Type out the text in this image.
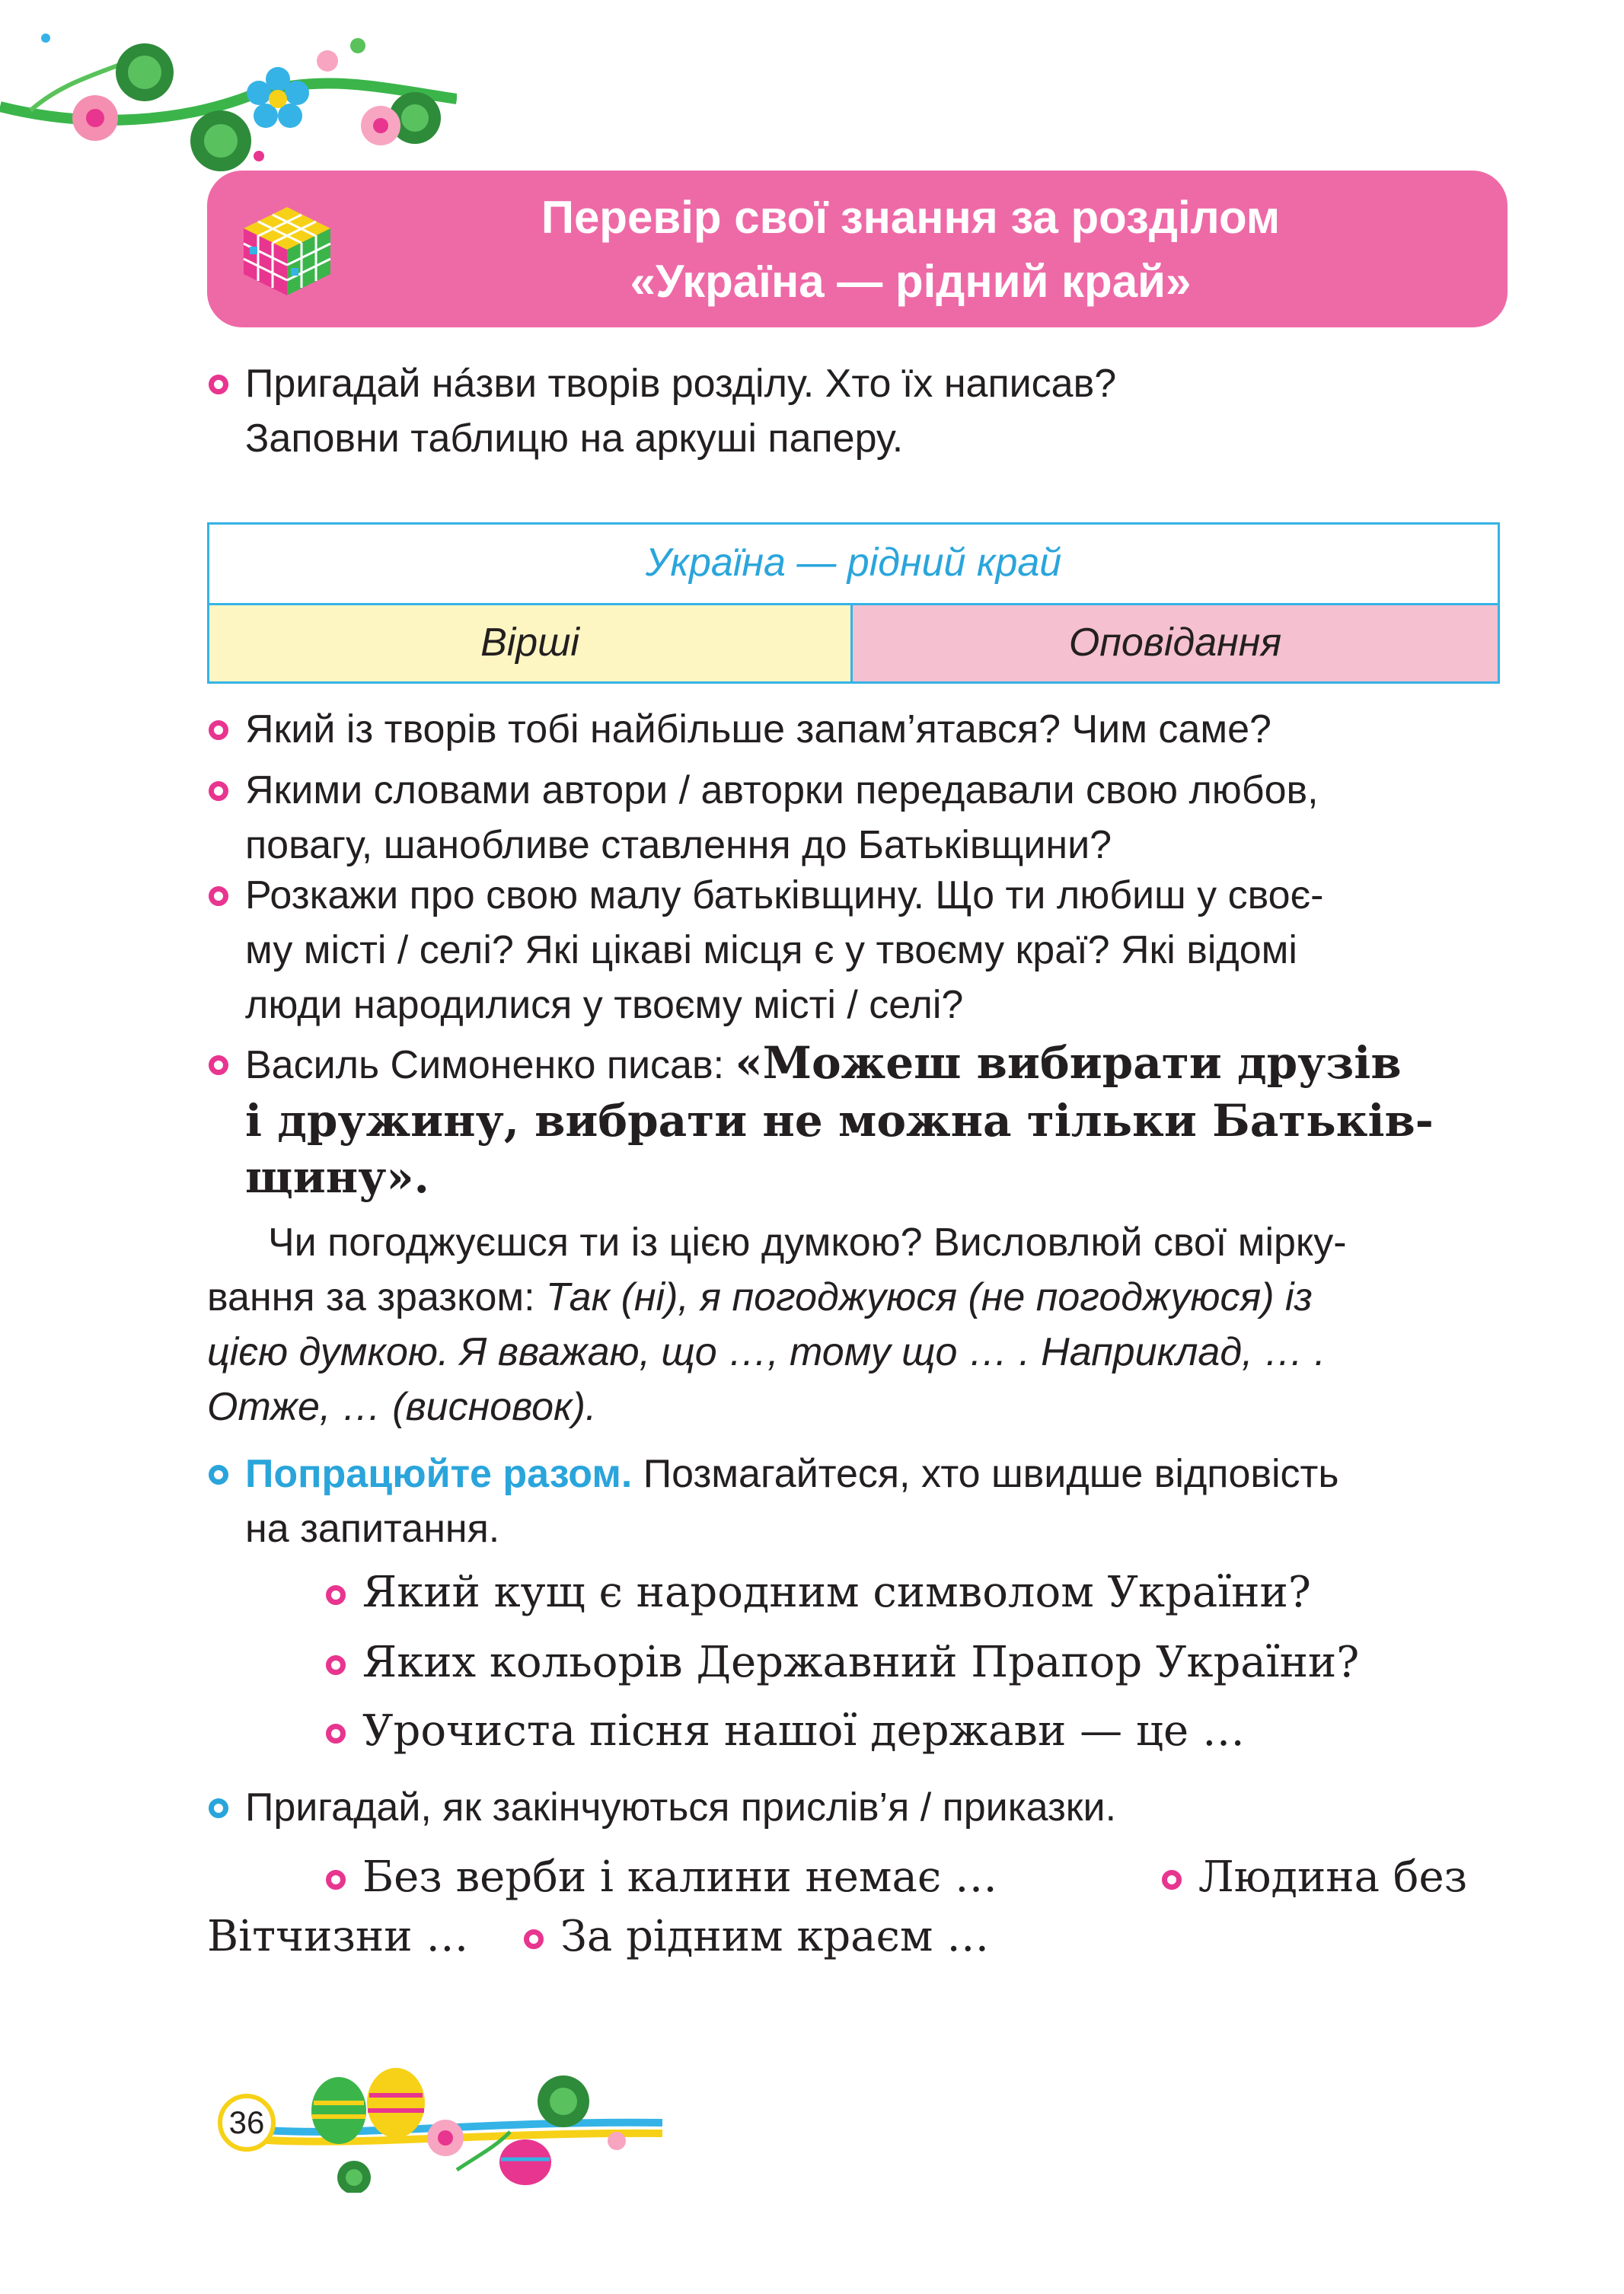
Перевір свої знання за розділом
«Україна — рідний край»
Пригадай нáзви творів розділу. Хто їх написав?
Заповни таблицю на аркуші паперу.
Україна — рідний край
Вірші	Оповідання
Який із творів тобі найбільше запам’ятався? Чим саме?
Якими словами автори / авторки передавали свою любов,
повагу, шанобливе ставлення до Батьківщини?
Розкажи про свою малу батьківщину. Що ти любиш у своє-
му місті / селі? Які цікаві місця є у твоєму краї? Які відомі
люди народилися у твоєму місті / селі?
Василь Симоненко писав: «Можеш вибирати друзів
і дружину, вибрати не можна тільки Батьків-
щину».
Чи погоджуєшся ти із цією думкою? Висловлюй свої мірку-
вання за зразком: Так (ні), я погоджуюся (не погоджуюся) із
цією думкою. Я вважаю, що …, тому що … . Наприклад, … .
Отже, … (висновок).
Попрацюйте разом. Позмагайтеся, хто швидше відповість
на запитання.
Який кущ є народним символом України?
Яких кольорів Державний Прапор України?
Урочиста пісня нашої держави — це …
Пригадай, як закінчуються прислів’я / приказки.
Без верби і калини немає …	Людина без
Вітчизни … За рідним краєм …
36
